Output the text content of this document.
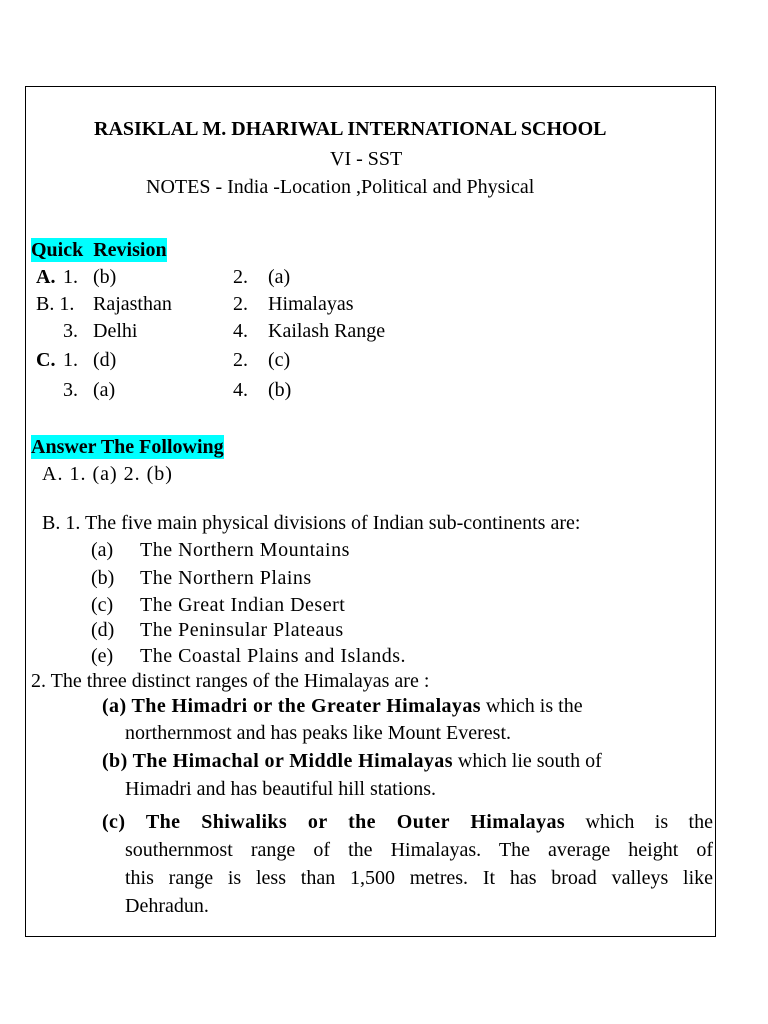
RASIKLAL M. DHARIWAL INTERNATIONAL SCHOOL
VI - SST
NOTES - India -Location ,Political and Physical
Quick  Revision
A. 1. (b)	2. (a)
B. 1. Rajasthan	2. Himalayas
3. Delhi	4. Kailash Range
C. 1. (d)	2. (c)
3. (a)	4. (b)
Answer The Following
A. 1. (a) 2. (b)
B. 1. The five main physical divisions of Indian sub-continents are:
(a) The Northern Mountains
(b) The Northern Plains
(c) The Great Indian Desert
(d) The Peninsular Plateaus
(e) The Coastal Plains and Islands.
2. The three distinct ranges of the Himalayas are :
(a) The Himadri or the Greater Himalayas which is the
northernmost and has peaks like Mount Everest.
(b) The Himachal or Middle Himalayas which lie south of
Himadri and has beautiful hill stations.
(c) The Shiwaliks or the Outer Himalayas which is the
southernmost range of the Himalayas. The average height of
this range is less than 1,500 metres. It has broad valleys like
Dehradun.
